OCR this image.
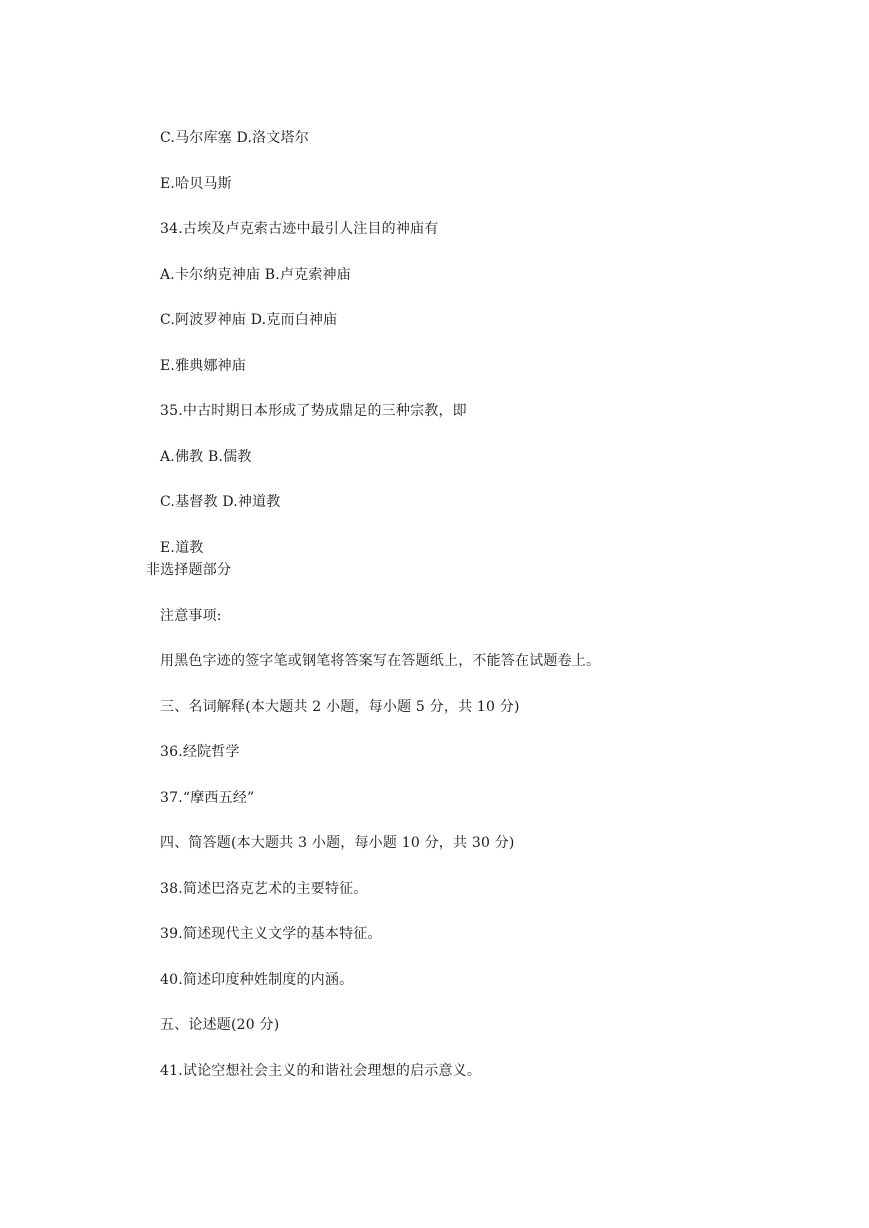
C.马尔库塞 D.洛文塔尔
E.哈贝马斯
34.古埃及卢克索古迹中最引人注目的神庙有
A.卡尔纳克神庙 B.卢克索神庙
C.阿波罗神庙 D.克而白神庙
E.雅典娜神庙
35.中古时期日本形成了势成鼎足的三种宗教，即
A.佛教 B.儒教
C.基督教 D.神道教
E.道教
非选择题部分
注意事项:
用黑色字迹的签字笔或钢笔将答案写在答题纸上，不能答在试题卷上。
三、名词解释(本大题共 2 小题，每小题 5 分，共 10 分)
36.经院哲学
37.“摩西五经”
四、简答题(本大题共 3 小题，每小题 10 分，共 30 分)
38.简述巴洛克艺术的主要特征。
39.简述现代主义文学的基本特征。
40.简述印度种姓制度的内涵。
五、论述题(20 分)
41.试论空想社会主义的和谐社会理想的启示意义。
